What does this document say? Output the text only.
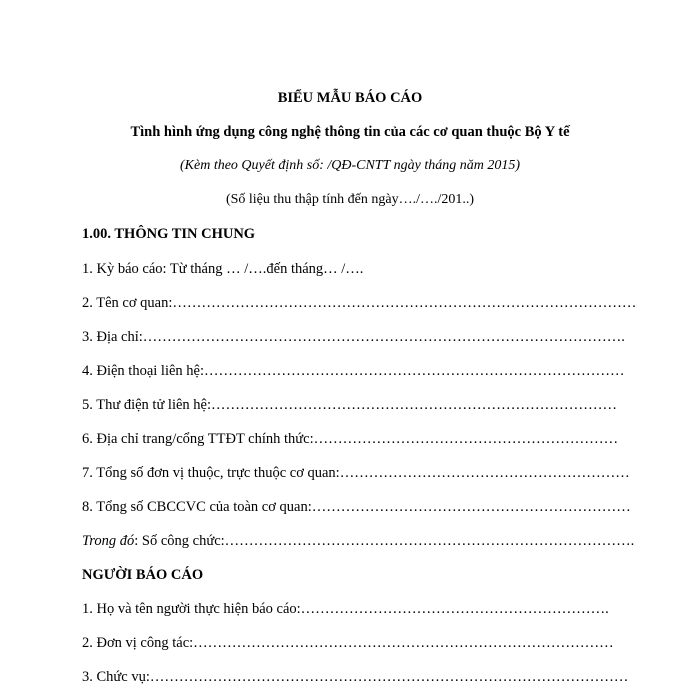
BIỂU MẪU BÁO CÁO
Tình hình ứng dụng công nghệ thông tin của các cơ quan thuộc Bộ Y tế
(Kèm theo Quyết định số: /QĐ-CNTT ngày tháng năm 2015)
(Số liệu thu thập tính đến ngày…./…./201..)
1.00. THÔNG TIN CHUNG
1. Kỳ báo cáo: Từ tháng … /….đến tháng… /….
2. Tên cơ quan:……………………………………………………………………………………
3. Địa chỉ:……………………………………………………………………………………….
4. Điện thoại liên hệ:……………………………………………………………………………
5. Thư điện tử liên hệ:…………………………………………………………………………
6. Địa chỉ trang/cổng TTĐT chính thức:………………………………………………………
7. Tổng số đơn vị thuộc, trực thuộc cơ quan:……………………………………………………
8. Tổng số CBCCVC của toàn cơ quan:…………………………………………………………
Trong đó: Số công chức:………………………………………………………………………….
NGƯỜI BÁO CÁO
1. Họ và tên người thực hiện báo cáo:……………………………………………………….
2. Đơn vị công tác:……………………………………………………………………………
3. Chức vụ:………………………………………………………………………………………
